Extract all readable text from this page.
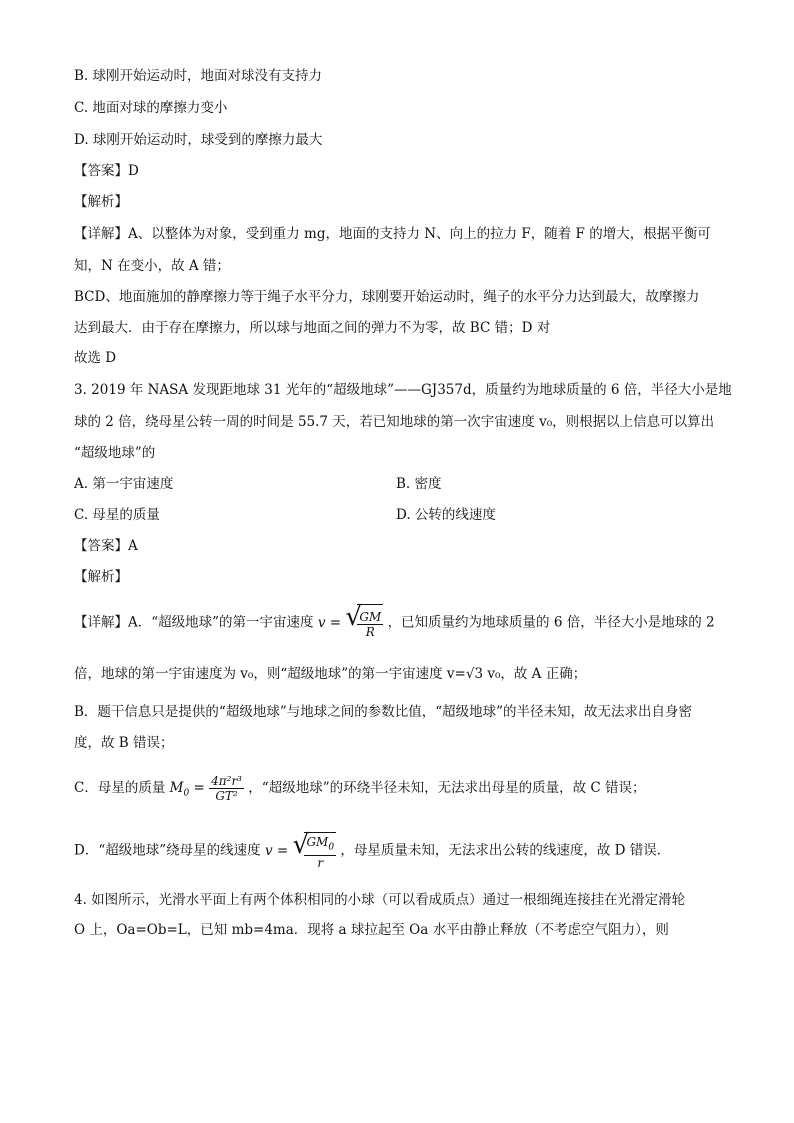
B. 球刚开始运动时，地面对球没有支持力
C. 地面对球的摩擦力变小
D. 球刚开始运动时，球受到的摩擦力最大
【答案】D
【解析】
【详解】A、以整体为对象，受到重力 mg，地面的支持力 N、向上的拉力 F，随着 F 的增大，根据平衡可
知，N 在变小，故 A 错；
BCD、地面施加的静摩擦力等于绳子水平分力，球刚要开始运动时，绳子的水平分力达到最大，故摩擦力
达到最大．由于存在摩擦力，所以球与地面之间的弹力不为零，故 BC 错；D 对
故选 D
3. 2019 年 NASA 发现距地球 31 光年的“超级地球”——GJ357d，质量约为地球质量的 6 倍，半径大小是地
球的 2 倍，绕母星公转一周的时间是 55.7 天，若已知地球的第一次宇宙速度 v₀，则根据以上信息可以算出
“超级地球”的
A. 第一宇宙速度	B. 密度
C. 母星的质量	D. 公转的线速度
【答案】A
【解析】
【详解】A．“超级地球”的第一宇宙速度 v = √
$\frac{GM}{R}$ ，已知质量约为地球质量的 6 倍，半径大小是地球的 2
倍，地球的第一宇宙速度为 v₀，则“超级地球”的第一宇宙速度 v=√3 v₀，故 A 正确；
B．题干信息只是提供的“超级地球”与地球之间的参数比值，“超级地球”的半径未知，故无法求出自身密
度，故 B 错误；
C．母星的质量 $M_0 = \frac{\text{4π²r³}}{\text{GT²}}$ ，“超级地球”的环绕半径未知，无法求出母星的质量，故 C 错误；
D．“超级地球”绕母星的线速度 v = √
$\frac{GM_0}{r}$ ，母星质量未知，无法求出公转的线速度，故 D 错误．
4. 如图所示，光滑水平面上有两个体积相同的小球（可以看成质点）通过一根细绳连接挂在光滑定滑轮
O 上，Oa=Ob=L，已知 mb=4ma．现将 a 球拉起至 Oa 水平由静止释放（不考虑空气阻力），则
